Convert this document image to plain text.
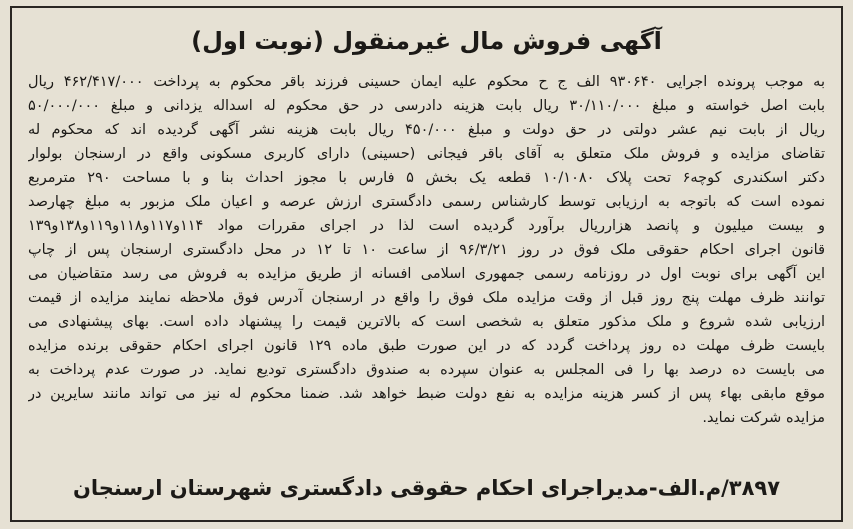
آگهی فروش مال غیرمنقول (نوبت اول)
به موجب پرونده اجرایی ۹۳۰۶۴۰ الف ج ح محکوم علیه ایمان حسینی فرزند باقر محکوم به پرداخت ۴۶۲/۴۱۷/۰۰۰ ریال
بابت اصل خواسته و مبلغ ۳۰/۱۱۰/۰۰۰ ریال بابت هزینه دادرسی در حق محکوم له اسداله یزدانی و مبلغ ۵۰/۰۰۰/۰۰۰
ریال از بابت نیم عشر دولتی در حق دولت و مبلغ ۴۵۰/۰۰۰ ریال بابت هزینه نشر آگهی گردیده اند که محکوم له
تقاضای مزایده و فروش ملک متعلق به آقای باقر فیجانی (حسینی) دارای کاربری مسکونی واقع در ارسنجان بولوار
دکتر اسکندری کوچه۶ تحت پلاک ۱۰/۱۰۸۰ قطعه یک بخش ۵ فارس با مجوز احداث بنا و با مساحت ۲۹۰ مترمربع
نموده است که باتوجه به ارزیابی توسط کارشناس رسمی دادگستری ارزش عرصه و اعیان ملک مزبور به مبلغ چهارصد
و بیست میلیون و پانصد هزارریال برآورد گردیده است لذا در اجرای مقررات مواد ۱۱۴و۱۱۷و۱۱۸و۱۱۹و۱۳۸و۱۳۹
قانون اجرای احکام حقوقی ملک فوق در روز ۹۶/۳/۲۱ از ساعت ۱۰ تا ۱۲ در محل دادگستری ارسنجان پس از چاپ
این آگهی برای نوبت اول در روزنامه رسمی جمهوری اسلامی افسانه از طریق مزایده به فروش می رسد متقاضیان می
توانند ظرف مهلت پنج روز قبل از وقت مزایده ملک فوق را واقع در ارسنجان آدرس فوق ملاحظه نمایند مزایده از قیمت
ارزیابی شده شروع و ملک مذکور متعلق به شخصی است که بالاترین قیمت را پیشنهاد داده است. بهای پیشنهادی می
بایست ظرف مهلت ده روز پرداخت گردد که در این صورت طبق ماده ۱۲۹ قانون اجرای احکام حقوقی برنده مزایده
می بایست ده درصد بها را فی المجلس به عنوان سپرده به صندوق دادگستری تودیع نماید. در صورت عدم پرداخت به
موقع مابقی بهاء پس از کسر هزینه مزایده به نفع دولت ضبط خواهد شد. ضمنا محکوم له نیز می تواند مانند سایرین در
مزایده شرکت نماید.

۳۸۹۷/م.الف-مدیراجرای احکام حقوقی دادگستری شهرستان ارسنجان
